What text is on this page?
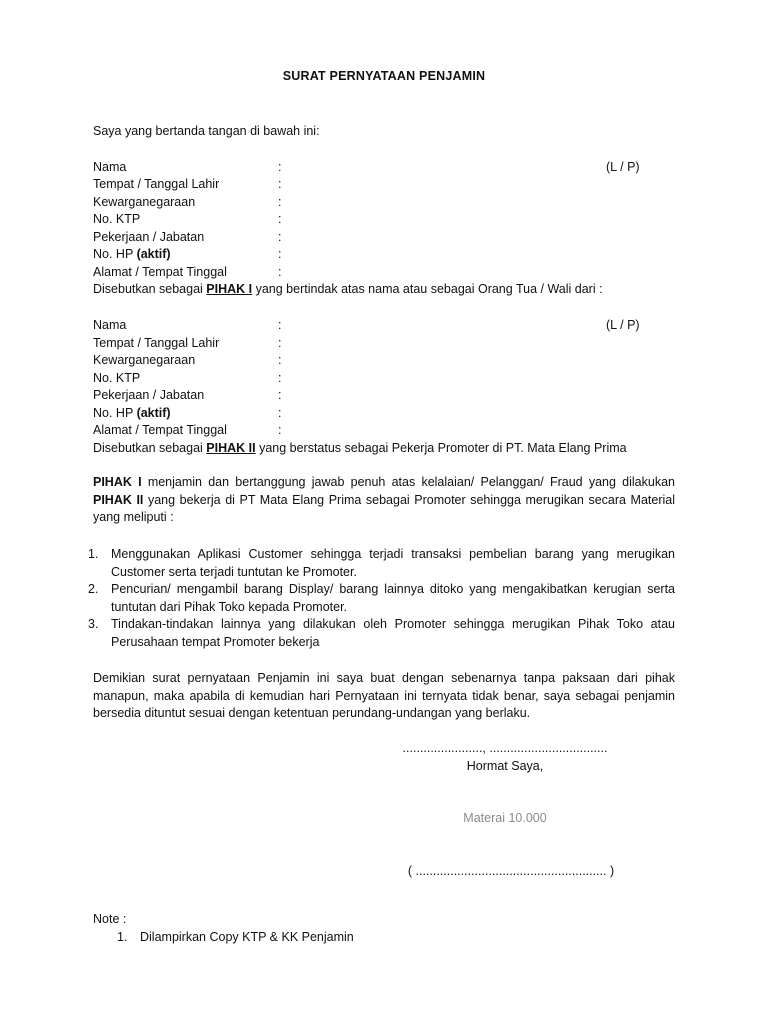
SURAT PERNYATAAN PENJAMIN
Saya yang bertanda tangan di bawah ini:
Nama	:	(L / P)
Tempat / Tanggal Lahir	:
Kewarganegaraan	:
No. KTP	:
Pekerjaan / Jabatan	:
No. HP (aktif)	:
Alamat / Tempat Tinggal	:
Disebutkan sebagai PIHAK I yang bertindak atas nama atau sebagai Orang Tua / Wali dari :
Nama	:	(L / P)
Tempat / Tanggal Lahir	:
Kewarganegaraan	:
No. KTP	:
Pekerjaan / Jabatan	:
No. HP (aktif)	:
Alamat / Tempat Tinggal	:
Disebutkan sebagai PIHAK II yang berstatus sebagai Pekerja Promoter di PT. Mata Elang Prima
PIHAK I menjamin dan bertanggung jawab penuh atas kelalaian/ Pelanggan/ Fraud yang dilakukan PIHAK II yang bekerja di PT Mata Elang Prima sebagai Promoter sehingga merugikan secara Material yang meliputi :
1. Menggunakan Aplikasi Customer sehingga terjadi transaksi pembelian barang yang merugikan Customer serta terjadi tuntutan ke Promoter.
2. Pencurian/ mengambil barang Display/ barang lainnya ditoko yang mengakibatkan kerugian serta tuntutan dari Pihak Toko kepada Promoter.
3. Tindakan-tindakan lainnya yang dilakukan oleh Promoter sehingga merugikan Pihak Toko atau Perusahaan tempat Promoter bekerja
Demikian surat pernyataan Penjamin ini saya buat dengan sebenarnya tanpa paksaan dari pihak manapun, maka apabila di kemudian hari Pernyataan ini ternyata tidak benar, saya sebagai penjamin bersedia dituntut sesuai dengan ketentuan perundang-undangan yang berlaku.
......................., ..................................
Hormat Saya,
Materai 10.000
( ....................................................... )
Note :
1. Dilampirkan Copy KTP & KK Penjamin
